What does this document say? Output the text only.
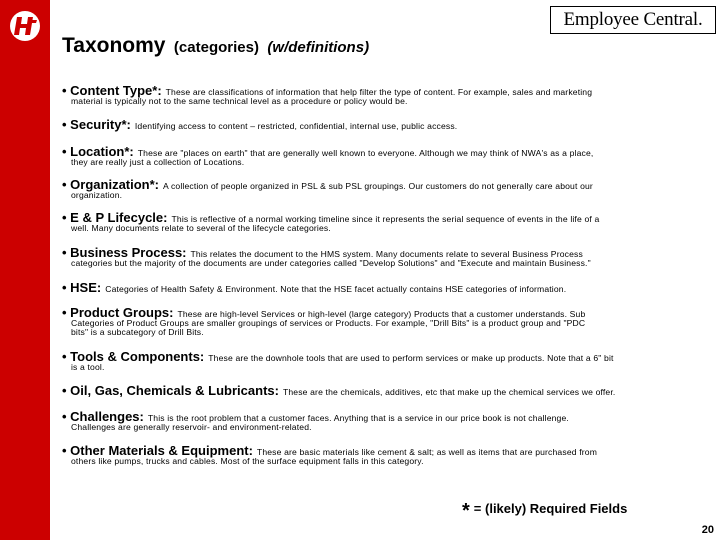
Employee Central.
Taxonomy (categories) (w/definitions)
• Content Type*: These are classifications of information that help filter the type of content. For example, sales and marketing
material is typically not to the same technical level as a procedure or policy would be.
• Security*: Identifying access to content – restricted, confidential, internal use, public access.
• Location*: These are "places on earth" that are generally well known to everyone. Although we may think of NWA's as a place,
they are really just a collection of Locations.
• Organization*: A collection of people organized in PSL & sub PSL groupings. Our customers do not generally care about our
organization.
• E & P Lifecycle: This is reflective of a normal working timeline since it represents the serial sequence of events in the life of a
well. Many documents relate to several of the lifecycle categories.
• Business Process: This relates the document to the HMS system. Many documents relate to several Business Process
categories but the majority of the documents are under categories called "Develop Solutions" and "Execute and maintain Business."
• HSE: Categories of Health Safety & Environment. Note that the HSE facet actually contains HSE categories of information.
• Product Groups: These are high-level Services or high-level (large category) Products that a customer understands. Sub
Categories of Product Groups are smaller groupings of services or Products. For example, "Drill Bits" is a product group and "PDC
bits" is a subcategory of Drill Bits.
• Tools & Components: These are the downhole tools that are used to perform services or make up products. Note that a 6" bit
is a tool.
• Oil, Gas, Chemicals & Lubricants: These are the chemicals, additives, etc that make up the chemical services we offer.
• Challenges: This is the root problem that a customer faces. Anything that is a service in our price book is not challenge.
Challenges are generally reservoir- and environment-related.
• Other Materials & Equipment: These are basic materials like cement & salt; as well as items that are purchased from
others like pumps, trucks and cables. Most of the surface equipment falls in this category.
* = (likely) Required Fields
20
